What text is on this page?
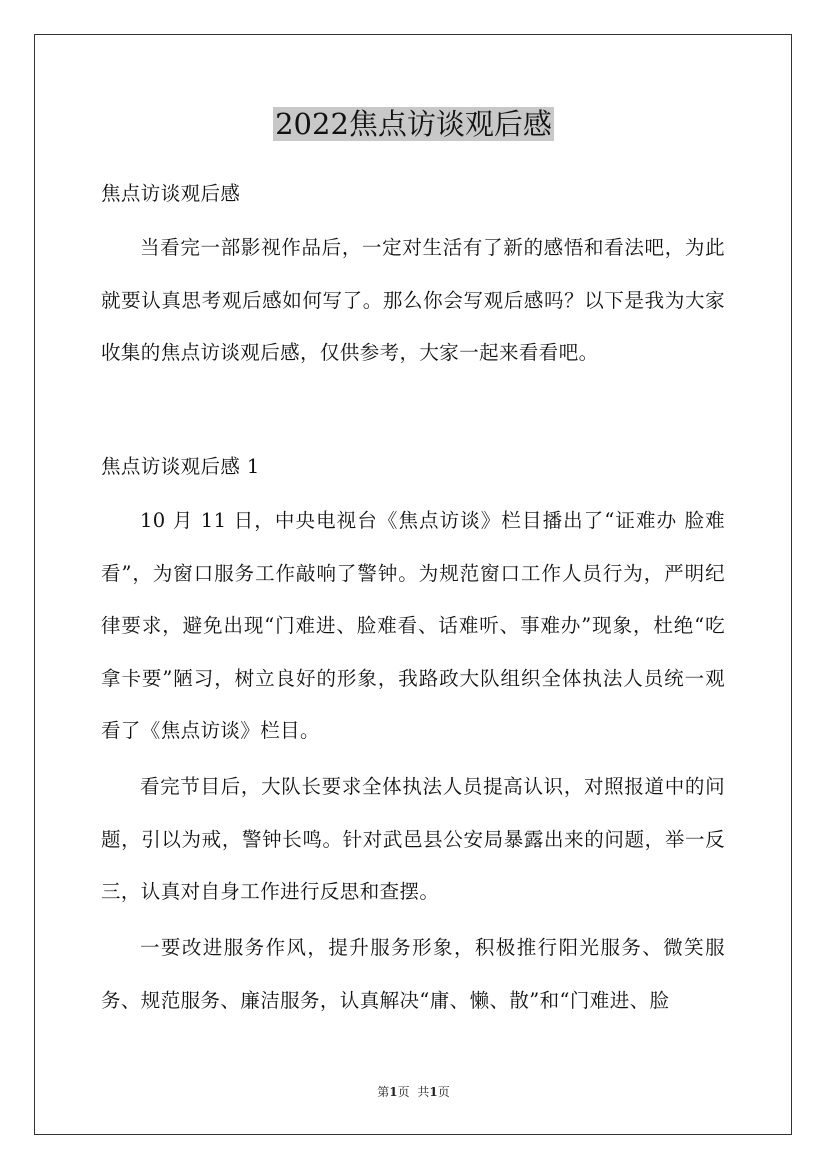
2022焦点访谈观后感

焦点访谈观后感

当看完一部影视作品后，一定对生活有了新的感悟和看法吧，为此就要认真思考观后感如何写了。那么你会写观后感吗？以下是我为大家收集的焦点访谈观后感，仅供参考，大家一起来看看吧。

焦点访谈观后感 1

10 月 11 日，中央电视台《焦点访谈》栏目播出了“证难办 脸难看”，为窗口服务工作敲响了警钟。为规范窗口工作人员行为，严明纪律要求，避免出现“门难进、脸难看、话难听、事难办”现象，杜绝“吃拿卡要”陋习，树立良好的形象，我路政大队组织全体执法人员统一观看了《焦点访谈》栏目。

看完节目后，大队长要求全体执法人员提高认识，对照报道中的问题，引以为戒，警钟长鸣。针对武邑县公安局暴露出来的问题，举一反三，认真对自身工作进行反思和查摆。

一要改进服务作风，提升服务形象，积极推行阳光服务、微笑服务、规范服务、廉洁服务，认真解决“庸、懒、散”和“门难进、脸

第1页 共1页
